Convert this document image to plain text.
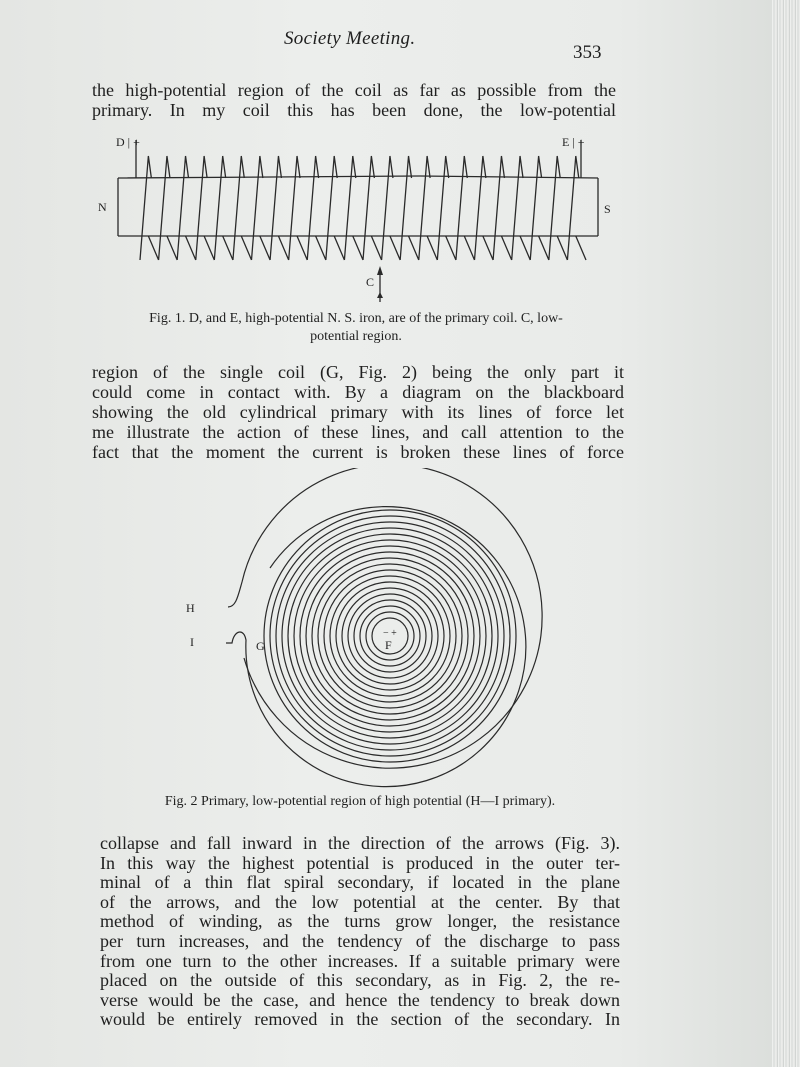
Society Meeting.
353

the high-potential region of the coil as far as possible from the
primary. In my coil this has been done, the low-potential

D | +	E | +
N	S
C
Fig. 1. D, and E, high-potential N. S. iron, are of the primary coil. C, low-
potential region.

region of the single coil (G, Fig. 2) being the only part it
could come in contact with. By a diagram on the blackboard
showing the old cylindrical primary with its lines of force let
me illustrate the action of these lines, and call attention to the
fact that the moment the current is broken these lines of force

H
I	G	F
− +
Fig. 2 Primary, low-potential region of high potential (H—I primary).

collapse and fall inward in the direction of the arrows (Fig. 3).
In this way the highest potential is produced in the outer ter-
minal of a thin flat spiral secondary, if located in the plane
of the arrows, and the low potential at the center. By that
method of winding, as the turns grow longer, the resistance
per turn increases, and the tendency of the discharge to pass
from one turn to the other increases. If a suitable primary were
placed on the outside of this secondary, as in Fig. 2, the re-
verse would be the case, and hence the tendency to break down
would be entirely removed in the section of the secondary. In
